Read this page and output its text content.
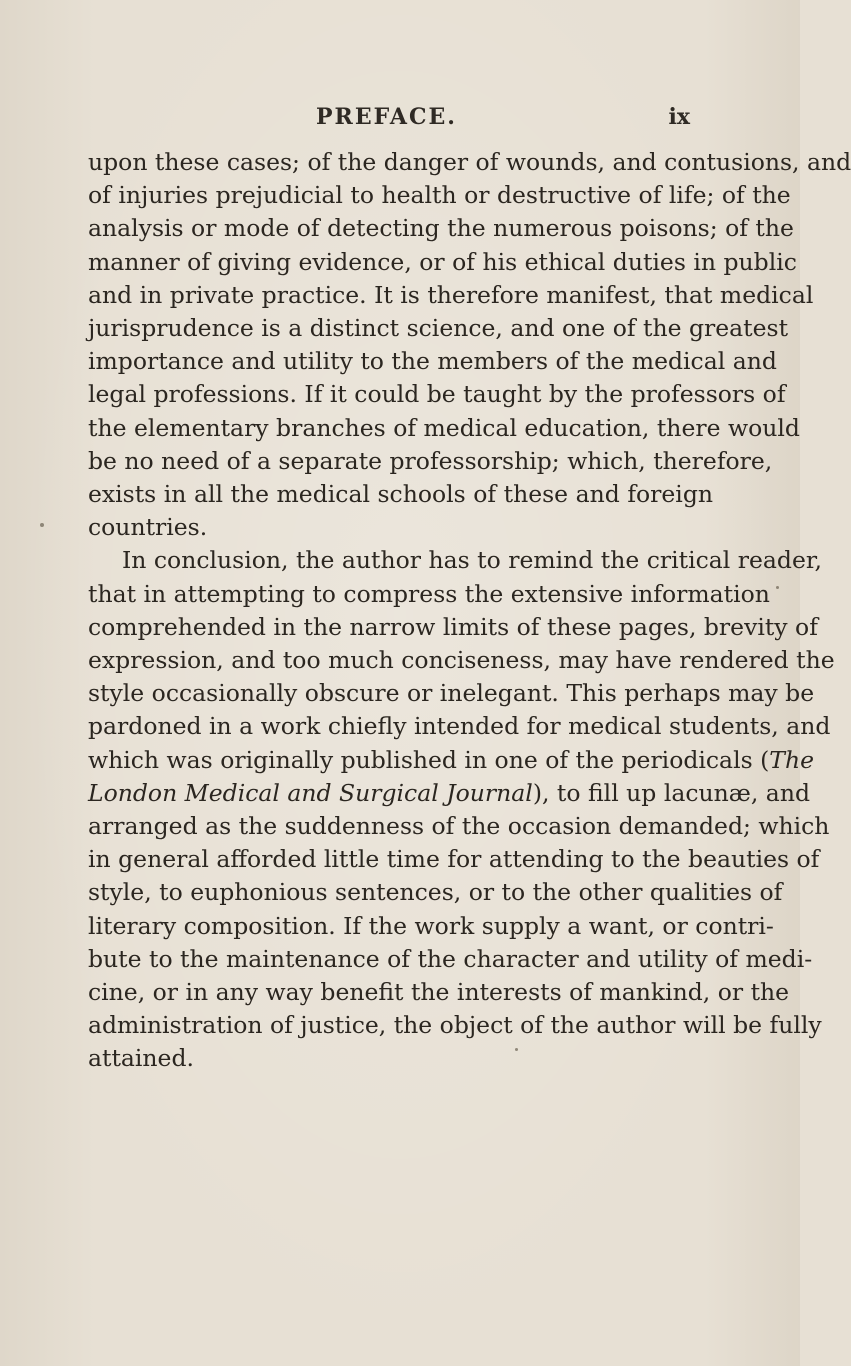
PREFACE.	ix
upon these cases; of the danger of wounds, and contusions, and
of injuries prejudicial to health or destructive of life; of the
analysis or mode of detecting the numerous poisons; of the
manner of giving evidence, or of his ethical duties in public
and in private practice. It is therefore manifest, that medical
jurisprudence is a distinct science, and one of the greatest
importance and utility to the members of the medical and
legal professions. If it could be taught by the professors of
the elementary branches of medical education, there would
be no need of a separate professorship; which, therefore,
exists in all the medical schools of these and foreign
countries.
In conclusion, the author has to remind the critical reader,
that in attempting to compress the extensive information
comprehended in the narrow limits of these pages, brevity of
expression, and too much conciseness, may have rendered the
style occasionally obscure or inelegant. This perhaps may be
pardoned in a work chiefly intended for medical students, and
which was originally published in one of the periodicals (The
London Medical and Surgical Journal), to fill up lacunæ, and
arranged as the suddenness of the occasion demanded; which
in general afforded little time for attending to the beauties of
style, to euphonious sentences, or to the other qualities of
literary composition. If the work supply a want, or contri-
bute to the maintenance of the character and utility of medi-
cine, or in any way benefit the interests of mankind, or the
administration of justice, the object of the author will be fully
attained.
